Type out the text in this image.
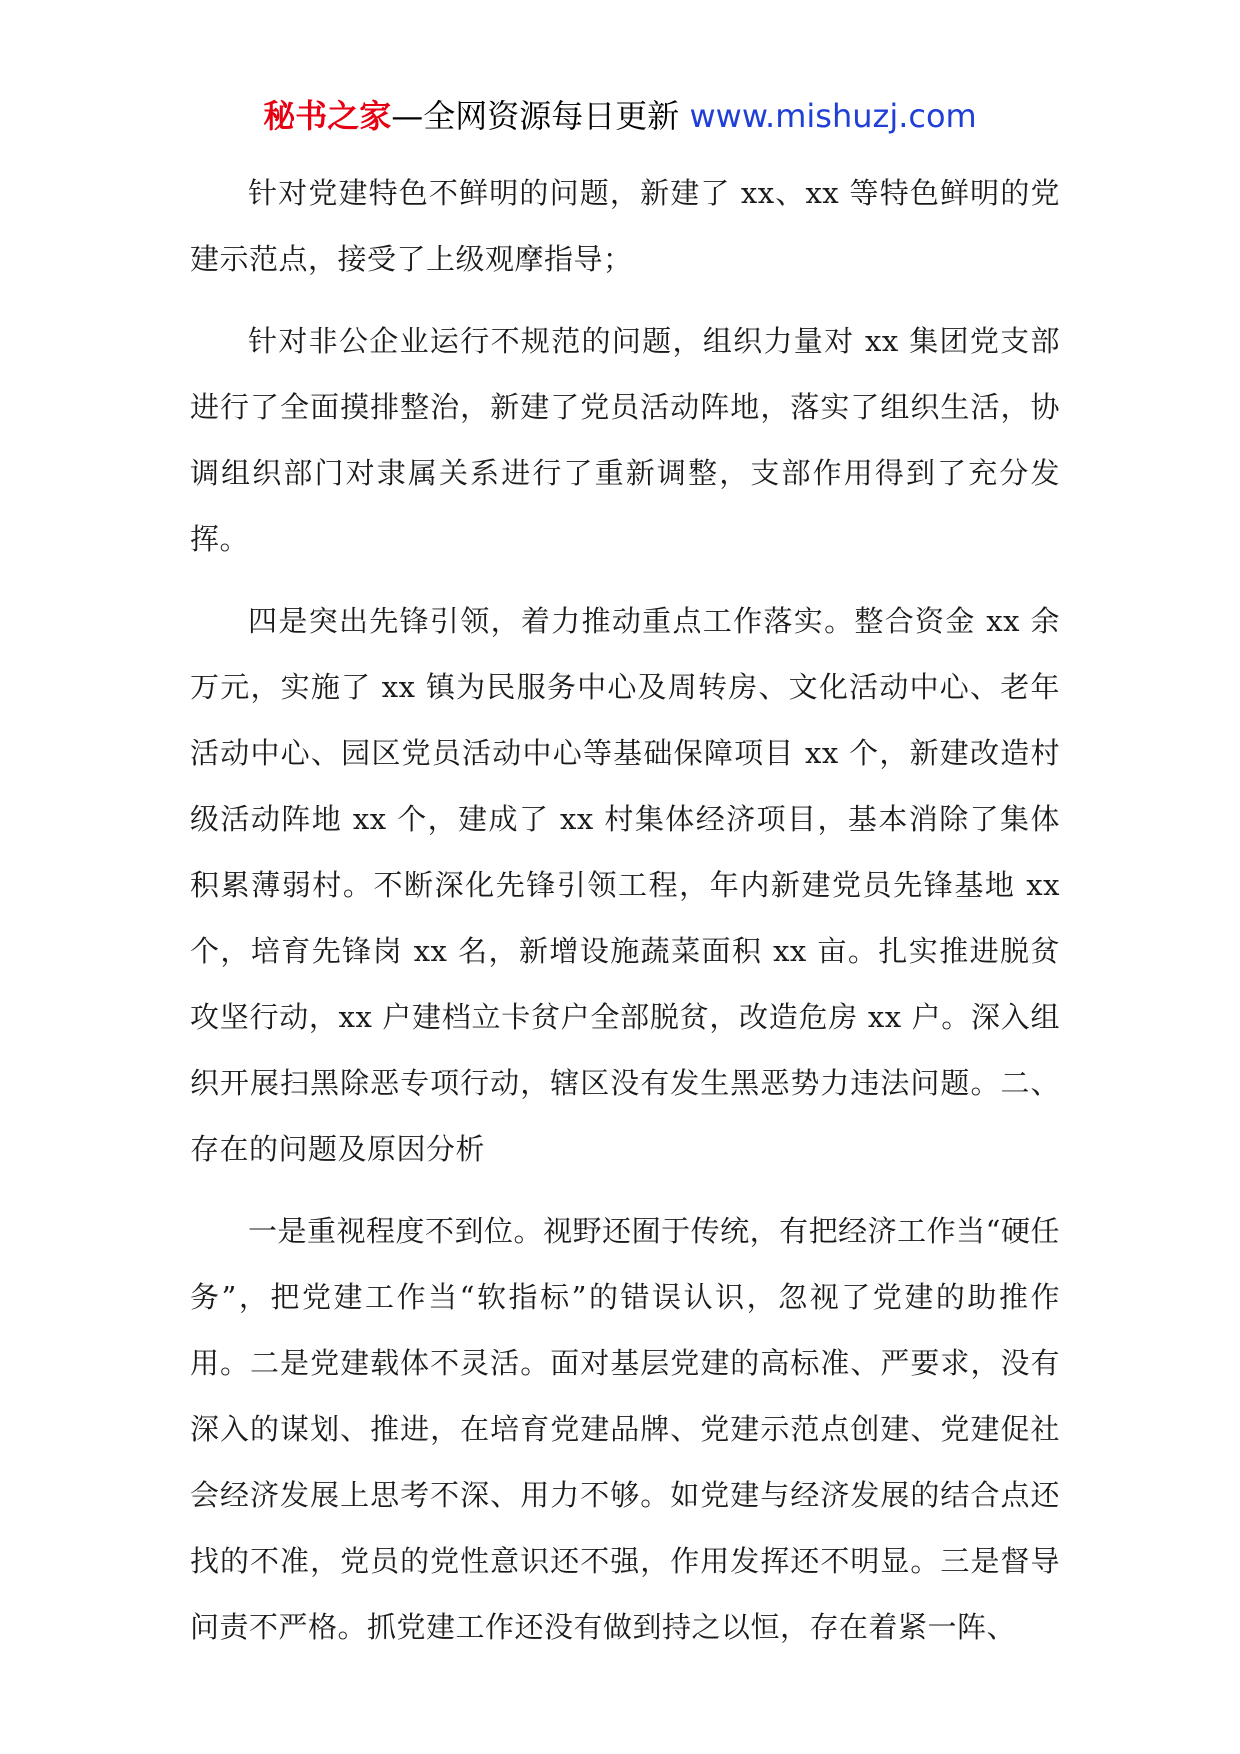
秘书之家—全网资源每日更新 www.mishuzj.com

针对党建特色不鲜明的问题，新建了 xx、xx 等特色鲜明的党建示范点，接受了上级观摩指导；

针对非公企业运行不规范的问题，组织力量对 xx 集团党支部进行了全面摸排整治，新建了党员活动阵地，落实了组织生活，协调组织部门对隶属关系进行了重新调整，支部作用得到了充分发挥。

四是突出先锋引领，着力推动重点工作落实。整合资金 xx 余万元，实施了 xx 镇为民服务中心及周转房、文化活动中心、老年活动中心、园区党员活动中心等基础保障项目 xx 个，新建改造村级活动阵地 xx 个，建成了 xx 村集体经济项目，基本消除了集体积累薄弱村。不断深化先锋引领工程，年内新建党员先锋基地 xx 个，培育先锋岗 xx 名，新增设施蔬菜面积 xx 亩。扎实推进脱贫攻坚行动，xx 户建档立卡贫户全部脱贫，改造危房 xx 户。深入组织开展扫黑除恶专项行动，辖区没有发生黑恶势力违法问题。二、存在的问题及原因分析

一是重视程度不到位。视野还囿于传统，有把经济工作当“硬任务”，把党建工作当“软指标”的错误认识，忽视了党建的助推作用。二是党建载体不灵活。面对基层党建的高标准、严要求，没有深入的谋划、推进，在培育党建品牌、党建示范点创建、党建促社会经济发展上思考不深、用力不够。如党建与经济发展的结合点还找的不准，党员的党性意识还不强，作用发挥还不明显。三是督导问责不严格。抓党建工作还没有做到持之以恒，存在着紧一阵、
